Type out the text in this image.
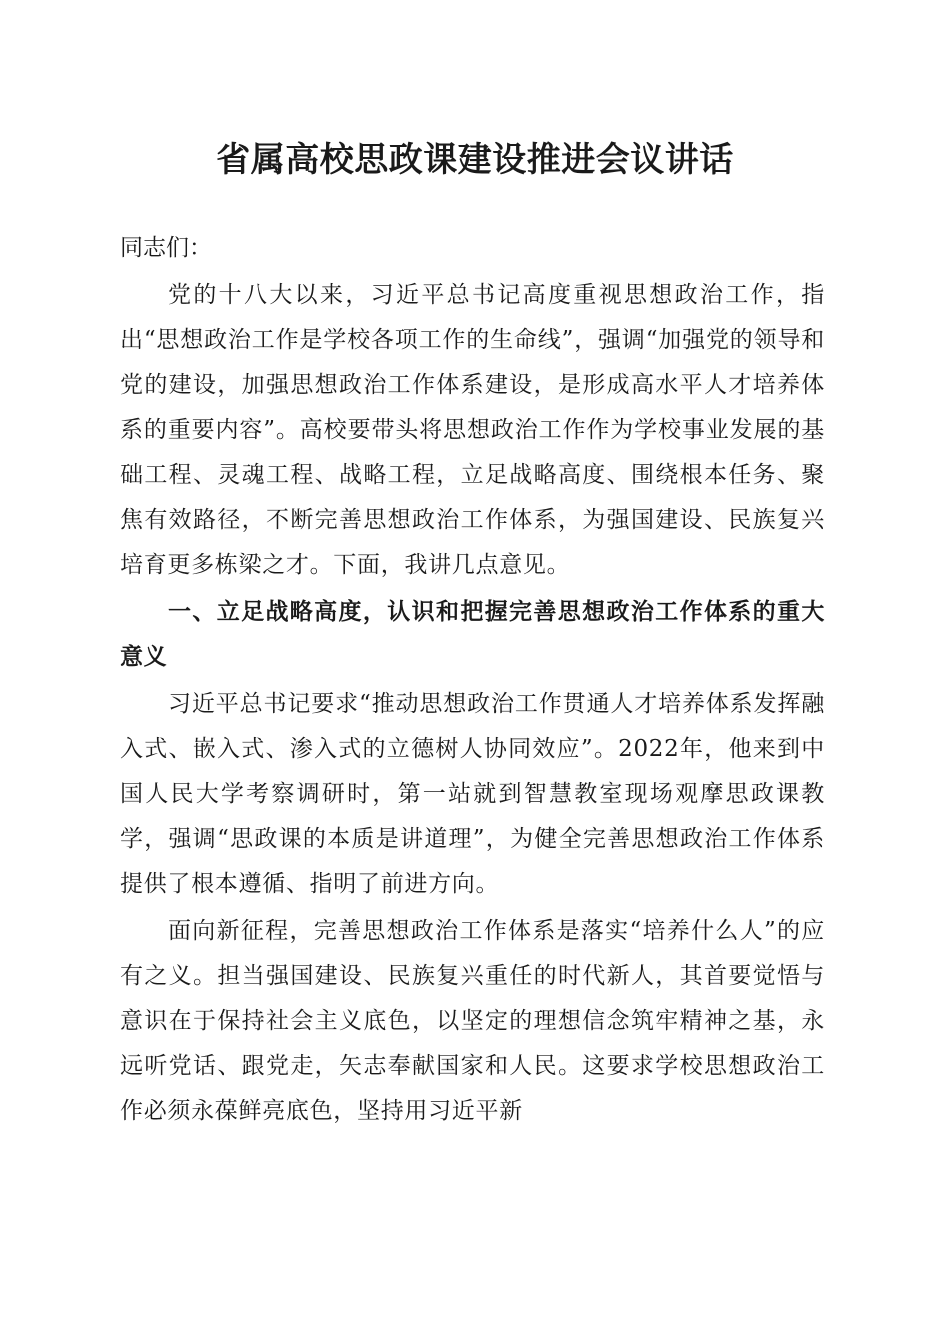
省属高校思政课建设推进会议讲话

同志们：

党的十八大以来，习近平总书记高度重视思想政治工作，指出“思想政治工作是学校各项工作的生命线”，强调“加强党的领导和党的建设，加强思想政治工作体系建设，是形成高水平人才培养体系的重要内容”。高校要带头将思想政治工作作为学校事业发展的基础工程、灵魂工程、战略工程，立足战略高度、围绕根本任务、聚焦有效路径，不断完善思想政治工作体系，为强国建设、民族复兴培育更多栋梁之才。下面，我讲几点意见。

一、立足战略高度，认识和把握完善思想政治工作体系的重大意义

习近平总书记要求“推动思想政治工作贯通人才培养体系发挥融入式、嵌入式、渗入式的立德树人协同效应”。2022年，他来到中国人民大学考察调研时，第一站就到智慧教室现场观摩思政课教学，强调“思政课的本质是讲道理”，为健全完善思想政治工作体系提供了根本遵循、指明了前进方向。

面向新征程，完善思想政治工作体系是落实“培养什么人”的应有之义。担当强国建设、民族复兴重任的时代新人，其首要觉悟与意识在于保持社会主义底色，以坚定的理想信念筑牢精神之基，永远听党话、跟党走，矢志奉献国家和人民。这要求学校思想政治工作必须永葆鲜亮底色，坚持用习近平新
